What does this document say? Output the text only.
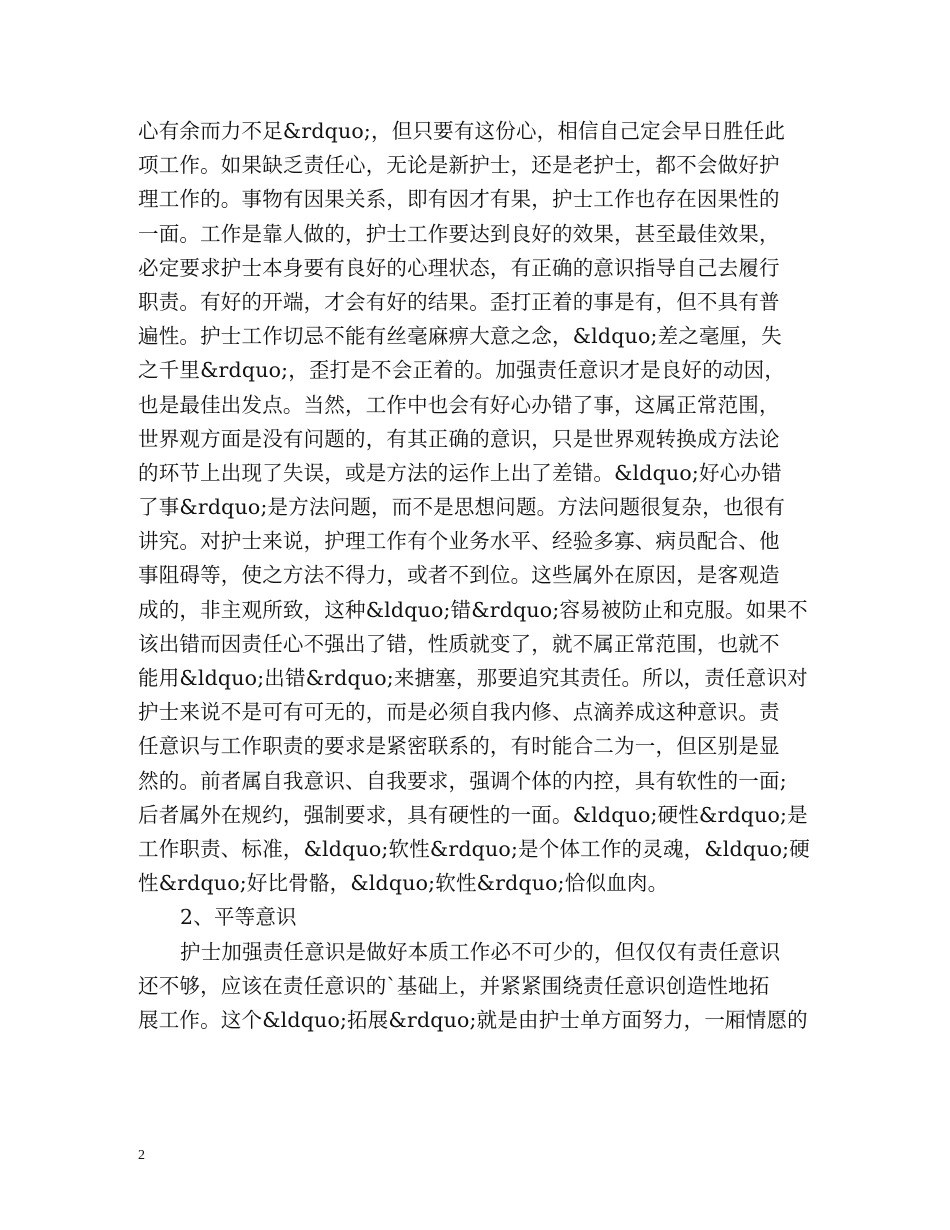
心有余而力不足&rdquo;，但只要有这份心，相信自己定会早日胜任此
项工作。如果缺乏责任心，无论是新护士，还是老护士，都不会做好护
理工作的。事物有因果关系，即有因才有果，护士工作也存在因果性的
一面。工作是靠人做的，护士工作要达到良好的效果，甚至最佳效果，
必定要求护士本身要有良好的心理状态，有正确的意识指导自己去履行
职责。有好的开端，才会有好的结果。歪打正着的事是有，但不具有普
遍性。护士工作切忌不能有丝毫麻痹大意之念，&ldquo;差之毫厘，失
之千里&rdquo;，歪打是不会正着的。加强责任意识才是良好的动因，
也是最佳出发点。当然，工作中也会有好心办错了事，这属正常范围，
世界观方面是没有问题的，有其正确的意识，只是世界观转换成方法论
的环节上出现了失误，或是方法的运作上出了差错。&ldquo;好心办错
了事&rdquo;是方法问题，而不是思想问题。方法问题很复杂，也很有
讲究。对护士来说，护理工作有个业务水平、经验多寡、病员配合、他
事阻碍等，使之方法不得力，或者不到位。这些属外在原因，是客观造
成的，非主观所致，这种&ldquo;错&rdquo;容易被防止和克服。如果不
该出错而因责任心不强出了错，性质就变了，就不属正常范围，也就不
能用&ldquo;出错&rdquo;来搪塞，那要追究其责任。所以，责任意识对
护士来说不是可有可无的，而是必须自我内修、点滴养成这种意识。责
任意识与工作职责的要求是紧密联系的，有时能合二为一，但区别是显
然的。前者属自我意识、自我要求，强调个体的内控，具有软性的一面;
后者属外在规约，强制要求，具有硬性的一面。&ldquo;硬性&rdquo;是
工作职责、标准，&ldquo;软性&rdquo;是个体工作的灵魂，&ldquo;硬
性&rdquo;好比骨骼，&ldquo;软性&rdquo;恰似血肉。
2、平等意识
护士加强责任意识是做好本质工作必不可少的，但仅仅有责任意识
还不够，应该在责任意识的`基础上，并紧紧围绕责任意识创造性地拓
展工作。这个&ldquo;拓展&rdquo;就是由护士单方面努力，一厢情愿的
2
